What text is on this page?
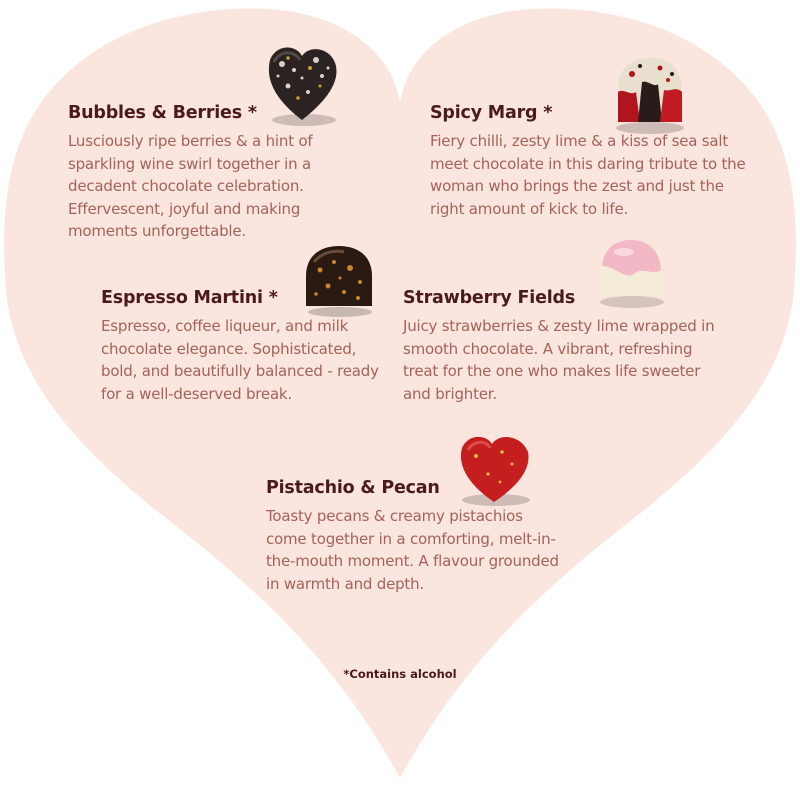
Bubbles & Berries *

Lusciously ripe berries & a hint of sparkling wine swirl together in a decadent chocolate celebration. Effervescent, joyful and making moments unforgettable.

Spicy Marg *

Fiery chilli, zesty lime & a kiss of sea salt meet chocolate in this daring tribute to the woman who brings the zest and just the right amount of kick to life.

Espresso Martini *

Espresso, coffee liqueur, and milk chocolate elegance. Sophisticated, bold, and beautifully balanced - ready for a well-deserved break.

Strawberry Fields

Juicy strawberries & zesty lime wrapped in smooth chocolate. A vibrant, refreshing treat for the one who makes life sweeter and brighter.

Pistachio & Pecan

Toasty pecans & creamy pistachios come together in a comforting, melt-in-the-mouth moment. A flavour grounded in warmth and depth.

*Contains alcohol
